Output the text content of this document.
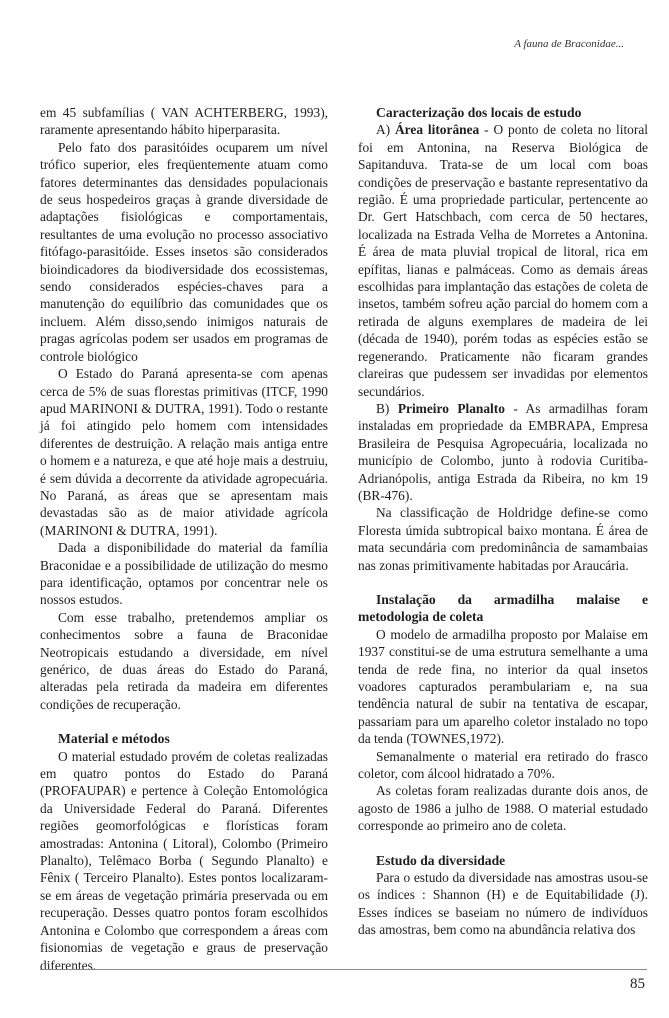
A fauna de Braconidae...

em 45 subfamílias ( VAN ACHTERBERG, 1993), raramente apresentando hábito hiperparasita.

Pelo fato dos parasitóides ocuparem um nível trófico superior, eles freqüentemente atuam como fatores determinantes das densidades populacionais de seus hospedeiros graças à grande diversidade de adaptações fisiológicas e comportamentais, resultantes de uma evolução no processo associativo fitófago-parasitóide. Esses insetos são considerados bioindicadores da biodiversidade dos ecossistemas, sendo considerados espécies-chaves para a manutenção do equilíbrio das comunidades que os incluem. Além disso,sendo inimigos naturais de pragas agrícolas podem ser usados em programas de controle biológico

O Estado do Paraná apresenta-se com apenas cerca de 5% de suas florestas primitivas (ITCF, 1990 apud MARINONI & DUTRA, 1991). Todo o restante já foi atingido pelo homem com intensidades diferentes de destruição. A relação mais antiga entre o homem e a natureza, e que até hoje mais a destruiu, é sem dúvida a decorrente da atividade agropecuária. No Paraná, as áreas que se apresentam mais devastadas são as de maior atividade agrícola (MARINONI & DUTRA, 1991).

Dada a disponibilidade do material da família Braconidae e a possibilidade de utilização do mesmo para identificação, optamos por concentrar nele os nossos estudos.

Com esse trabalho, pretendemos ampliar os conhecimentos sobre a fauna de Braconidae Neotropicais estudando a diversidade, em nível genérico, de duas áreas do Estado do Paraná, alteradas pela retirada da madeira em diferentes condições de recuperação.

Material e métodos

O material estudado provém de coletas realizadas em quatro pontos do Estado do Paraná (PROFAUPAR) e pertence à Coleção Entomológica da Universidade Federal do Paraná. Diferentes regiões geomorfológicas e florísticas foram amostradas: Antonina ( Litoral), Colombo (Primeiro Planalto), Telêmaco Borba ( Segundo Planalto) e Fênix ( Terceiro Planalto). Estes pontos localizaram-se em áreas de vegetação primária preservada ou em recuperação. Desses quatro pontos foram escolhidos Antonina e Colombo que correspondem a áreas com fisionomias de vegetação e graus de preservação diferentes.

Caracterização dos locais de estudo

A) Área litorânea - O ponto de coleta no litoral foi em Antonina, na Reserva Biológica de Sapitanduva. Trata-se de um local com boas condições de preservação e bastante representativo da região. É uma propriedade particular, pertencente ao Dr. Gert Hatschbach, com cerca de 50 hectares, localizada na Estrada Velha de Morretes a Antonina. É área de mata pluvial tropical de litoral, rica em epífitas, lianas e palmáceas. Como as demais áreas escolhidas para implantação das estações de coleta de insetos, também sofreu ação parcial do homem com a retirada de alguns exemplares de madeira de lei (década de 1940), porém todas as espécies estão se regenerando. Praticamente não ficaram grandes clareiras que pudessem ser invadidas por elementos secundários.

B) Primeiro Planalto - As armadilhas foram instaladas em propriedade da EMBRAPA, Empresa Brasileira de Pesquisa Agropecuária, localizada no município de Colombo, junto à rodovia Curitiba-Adrianópolis, antiga Estrada da Ribeira, no km 19 (BR-476).

Na classificação de Holdridge define-se como Floresta úmida subtropical baixo montana. É área de mata secundária com predominância de samambaias nas zonas primitivamente habitadas por Araucária.

Instalação da armadilha malaise e metodologia de coleta

O modelo de armadilha proposto por Malaise em 1937 constitui-se de uma estrutura semelhante a uma tenda de rede fina, no interior da qual insetos voadores capturados perambulariam e, na sua tendência natural de subir na tentativa de escapar, passariam para um aparelho coletor instalado no topo da tenda (TOWNES,1972).

Semanalmente o material era retirado do frasco coletor, com álcool hidratado a 70%.

As coletas foram realizadas durante dois anos, de agosto de 1986 a julho de 1988. O material estudado corresponde ao primeiro ano de coleta.

Estudo da diversidade

Para o estudo da diversidade nas amostras usou-se os índices : Shannon (H) e de Equitabilidade (J). Esses índices se baseiam no número de indivíduos das amostras, bem como na abundância relativa dos

85
